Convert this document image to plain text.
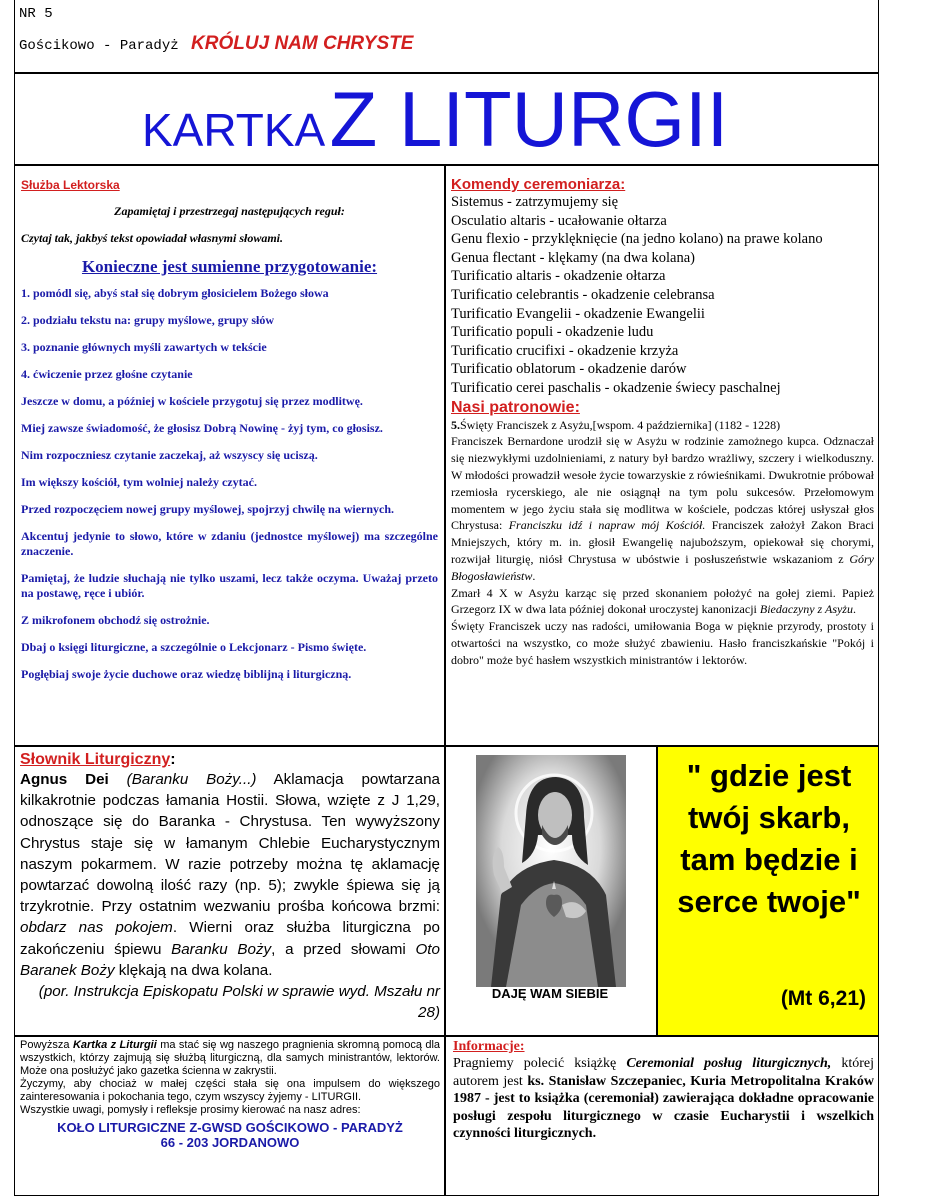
NR 5
Gościkowo - Paradyż KRÓLUJ NAM CHRYSTE
KARTKA Z LITURGII
Służba Lektorska

Zapamiętaj i przestrzegaj następujących reguł:

Czytaj tak, jakbyś tekst opowiadał własnymi słowami.

Konieczne jest sumienne przygotowanie:

1. pomódl się, abyś stał się dobrym głosicielem Bożego słowa

2. podziału tekstu na: grupy myślowe, grupy słów

3. poznanie głównych myśli zawartych w tekście

4. ćwiczenie przez głośne czytanie

Jeszcze w domu, a później w kościele przygotuj się przez modlitwę.

Miej zawsze świadomość, że głosisz Dobrą Nowinę - żyj tym, co głosisz.

Nim rozpoczniesz czytanie zaczekaj, aż wszyscy się uciszą.

Im większy kościół, tym wolniej należy czytać.

Przed rozpoczęciem nowej grupy myślowej, spojrzyj chwilę na wiernych.

Akcentuj jedynie to słowo, które w zdaniu (jednostce myślowej) ma szczególne znaczenie.

Pamiętaj, że ludzie słuchają nie tylko uszami, lecz także oczyma. Uważaj przeto na postawę, ręce i ubiór.

Z mikrofonem obchodź się ostrożnie.

Dbaj o księgi liturgiczne, a szczególnie o Lekcjonarz - Pismo święte.

Pogłębiaj swoje życie duchowe oraz wiedzę biblijną i liturgiczną.

Komendy ceremoniarza:
Sistemus - zatrzymujemy się
Osculatio altaris - ucałowanie ołtarza
Genu flexio - przyklęknięcie (na jedno kolano) na prawe kolano
Genua flectant - klękamy (na dwa kolana)
Turificatio altaris - okadzenie ołtarza
Turificatio celebrantis - okadzenie celebransa
Turificatio Evangelii - okadzenie Ewangelii
Turificatio populi - okadzenie ludu
Turificatio crucifixi - okadzenie krzyża
Turificatio oblatorum - okadzenie darów
Turificatio cerei paschalis - okadzenie świecy paschalnej
Nasi patronowie:

5.Święty Franciszek z Asyżu,[wspom. 4 października] (1182 - 1228)

Franciszek Bernardone urodził się w Asyżu w rodzinie zamożnego kupca. Odznaczał się niezwykłymi uzdolnieniami, z natury był bardzo wrażliwy, szczery i wielkoduszny. W młodości prowadził wesołe życie towarzyskie z rówieśnikami. Dwukrotnie próbował rzemiosła rycerskiego, ale nie osiągnął na tym polu sukcesów. Przełomowym momentem w jego życiu stała się modlitwa w kościele, podczas której usłyszał głos Chrystusa: Franciszku idź i napraw mój Kościół. Franciszek założył Zakon Braci Mniejszych, który m. in. głosił Ewangelię najuboższym, opiekował się chorymi, rozwijał liturgię, niósł Chrystusa w ubóstwie i posłuszeństwie wskazaniom z Góry Błogosławieństw.

Zmarł 4 X w Asyżu karząc się przed skonaniem położyć na gołej ziemi. Papież Grzegorz IX w dwa lata później dokonał uroczystej kanonizacji Biedaczyny z Asyżu.

Święty Franciszek uczy nas radości, umiłowania Boga w pięknie przyrody, prostoty i otwartości na wszystko, co może służyć zbawieniu. Hasło franciszkańskie "Pokój i dobro" może być hasłem wszystkich ministrantów i lektorów.

Słownik Liturgiczny:

Agnus Dei (Baranku Boży...) Aklamacja powtarzana kilkakrotnie podczas łamania Hostii. Słowa, wzięte z J 1,29, odnoszące się do Baranka - Chrystusa. Ten wywyższony Chrystus staje się w łamanym Chlebie Eucharystycznym naszym pokarmem. W razie potrzeby można tę aklamację powtarzać dowolną ilość razy (np. 5); zwykle śpiewa się ją trzykrotnie. Przy ostatnim wezwaniu prośba końcowa brzmi: obdarz nas pokojem. Wierni oraz służba liturgiczna po zakończeniu śpiewu Baranku Boży, a przed słowami Oto Baranek Boży klękają na dwa kolana.

(por. Instrukcja Episkopatu Polski w sprawie wyd. Mszału nr 28)

DAJĘ WAM SIEBIE
" gdzie jest twój skarb, tam będzie i serce twoje"
(Mt 6,21)

Powyższa Kartka z Liturgii ma stać się wg naszego pragnienia skromną pomocą dla wszystkich, którzy zajmują się służbą liturgiczną, dla samych ministrantów, lektorów. Może ona posłużyć jako gazetka ścienna w zakrystii.

Życzymy, aby chociaż w małej części stała się ona impulsem do większego zainteresowania i pokochania tego, czym wszyscy żyjemy - LITURGII.

Wszystkie uwagi, pomysły i refleksje prosimy kierować na nasz adres:

KOŁO LITURGICZNE Z-GWSD GOŚCIKOWO - PARADYŻ
66 - 203 JORDANOWO

Informacje:

Pragniemy polecić książkę Ceremonial posług liturgicznych, której autorem jest ks. Stanisław Szczepaniec, Kuria Metropolitalna Kraków 1987 - jest to książka (ceremoniał) zawierająca dokładne opracowanie posługi zespołu liturgicznego w czasie Eucharystii i wszelkich czynności liturgicznych.
